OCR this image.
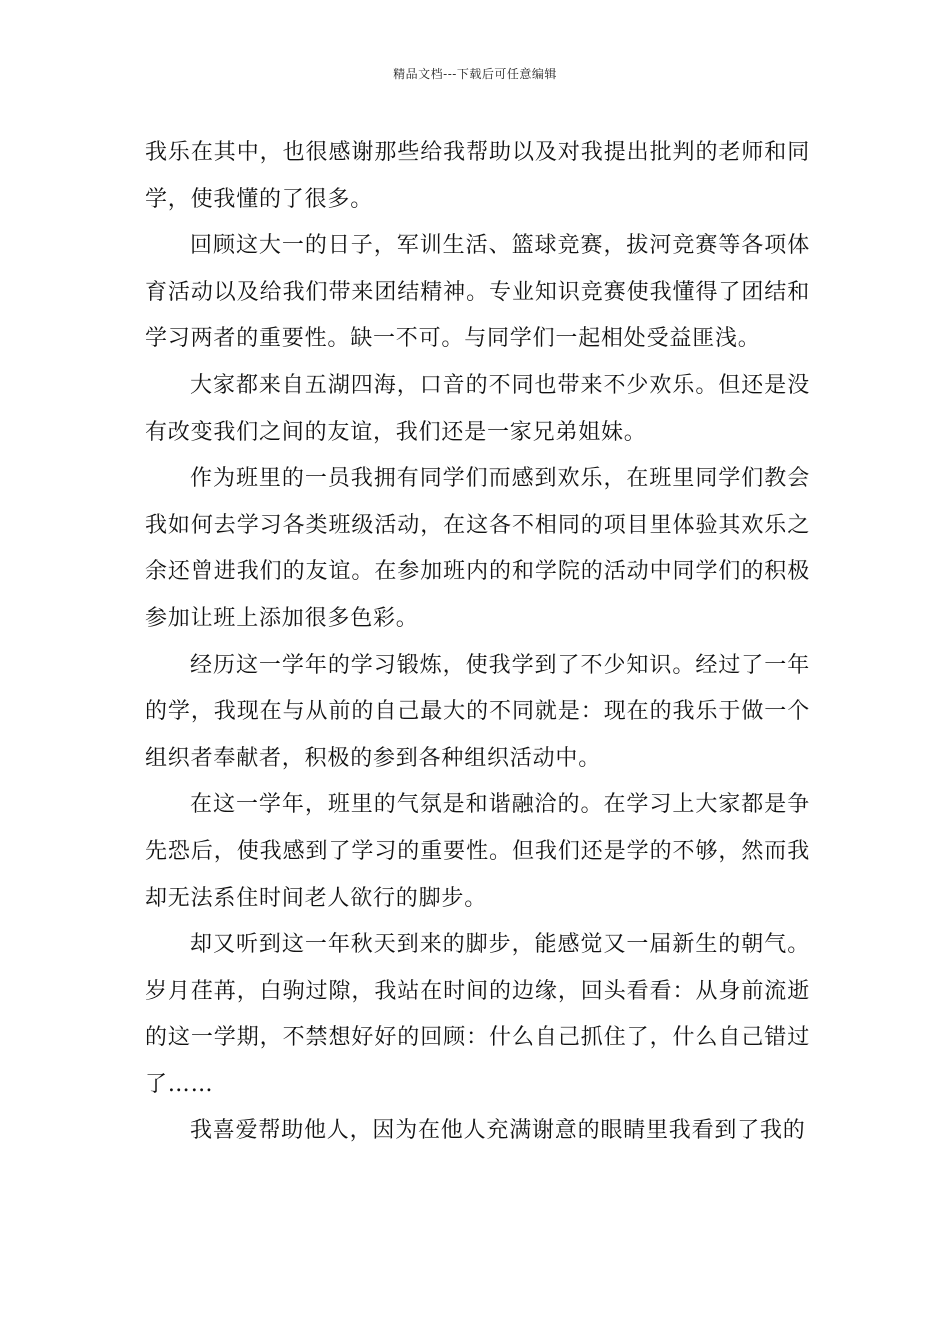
精品文档---下载后可任意编辑

我乐在其中，也很感谢那些给我帮助以及对我提出批判的老师和同学，使我懂的了很多。

回顾这大一的日子，军训生活、篮球竞赛，拔河竞赛等各项体育活动以及给我们带来团结精神。专业知识竞赛使我懂得了团结和学习两者的重要性。缺一不可。与同学们一起相处受益匪浅。

大家都来自五湖四海，口音的不同也带来不少欢乐。但还是没有改变我们之间的友谊，我们还是一家兄弟姐妹。

作为班里的一员我拥有同学们而感到欢乐，在班里同学们教会我如何去学习各类班级活动，在这各不相同的项目里体验其欢乐之余还曾进我们的友谊。在参加班内的和学院的活动中同学们的积极参加让班上添加很多色彩。

经历这一学年的学习锻炼，使我学到了不少知识。经过了一年的学，我现在与从前的自己最大的不同就是：现在的我乐于做一个组织者奉献者，积极的参到各种组织活动中。

在这一学年，班里的气氛是和谐融洽的。在学习上大家都是争先恐后，使我感到了学习的重要性。但我们还是学的不够，然而我却无法系住时间老人欲行的脚步。

却又听到这一年秋天到来的脚步，能感觉又一届新生的朝气。岁月荏苒，白驹过隙，我站在时间的边缘，回头看看：从身前流逝的这一学期，不禁想好好的回顾：什么自己抓住了，什么自己错过了……

我喜爱帮助他人，因为在他人充满谢意的眼睛里我看到了我的
